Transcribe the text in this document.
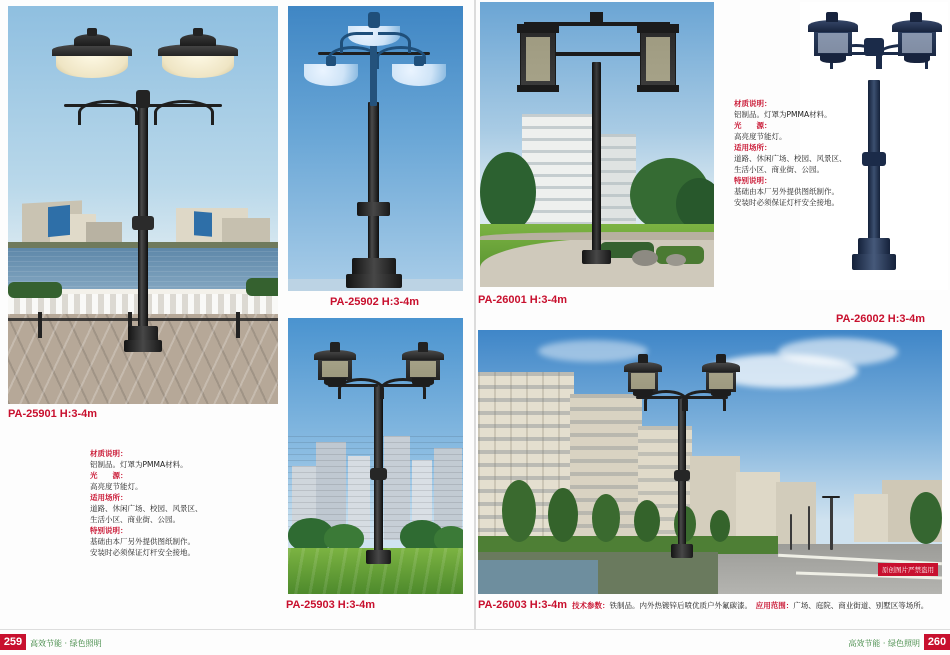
PA-25901 H:3-4m
材质说明：
铝制品。灯罩为PMMA材料。
光　　源：
高亮度节能灯。
适用场所：
道路、休闲广场、校园、风景区、
生活小区、商业街、公园。
特别说明：
基础由本厂另外提供图纸制作。
安装时必须保证灯杆安全接地。
PA-25902 H:3-4m
PA-25903 H:3-4m
PA-26001 H:3-4m
PA-26002 H:3-4m
材质说明：
铝制品。灯罩为PMMA材料。
光　　源：
高亮度节能灯。
适用场所：
道路、休闲广场、校园、风景区、
生活小区、商业街、公园。
特别说明：
基础由本厂另外提供图纸制作。
安装时必须保证灯杆安全接地。
原创图片严禁盗用
PA-26003 H:3-4m 技术参数：铁制品。内外热镀锌后喷优质户外氟碳漆。　 应用范围：广场、庭院、商业街道、别墅区等场所。
259 高效节能 · 绿色照明	260
高效节能 · 绿色照明
